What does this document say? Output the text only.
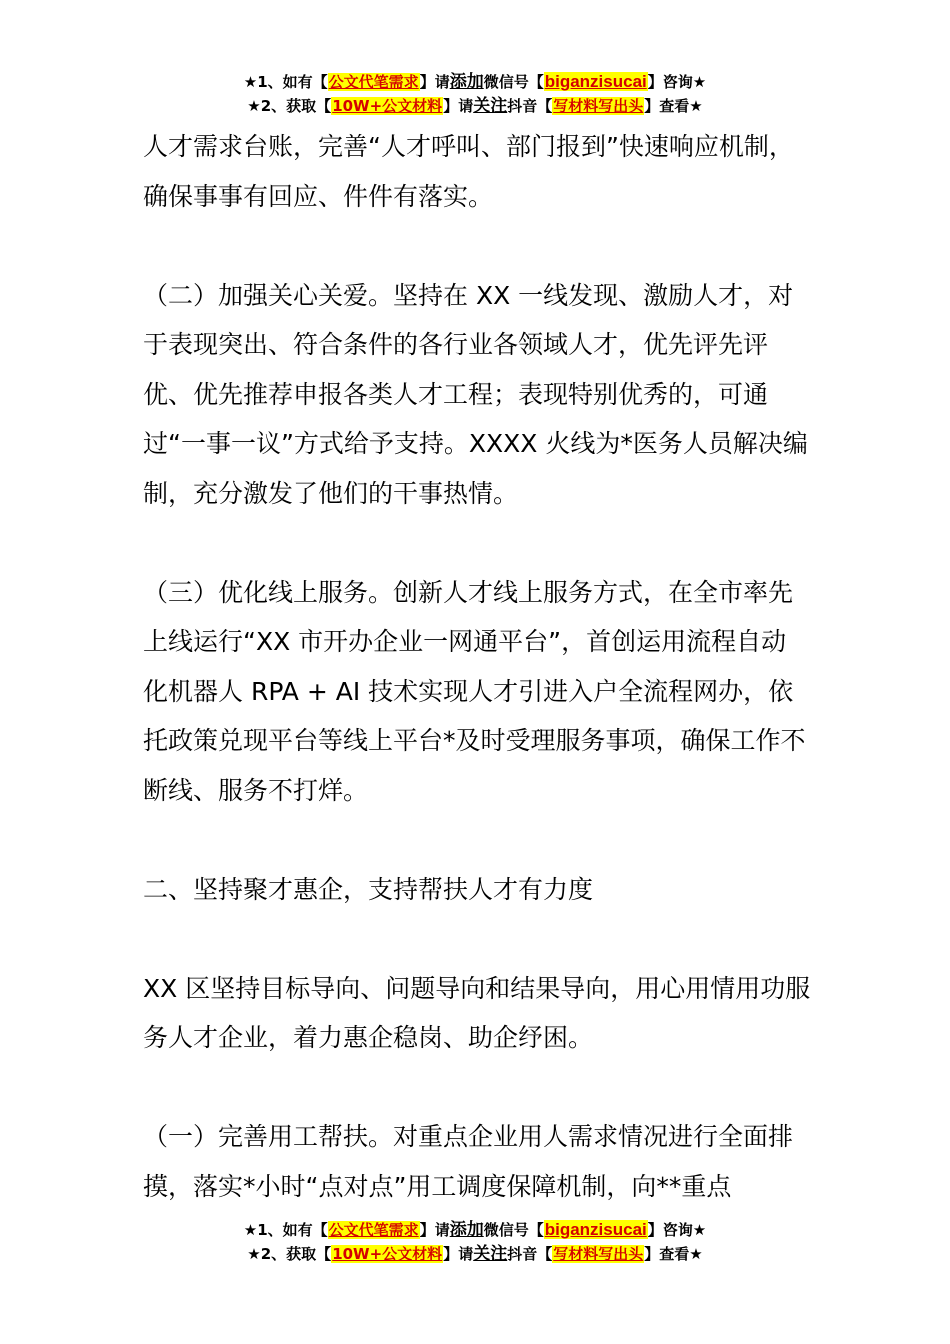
★1、如有【公文代笔需求】请添加微信号【biganzisucai】咨询★
★2、获取【10W+公文材料】请关注抖音【写材料写出头】查看★

人才需求台账，完善“人才呼叫、部门报到”快速响应机制，确保事事有回应、件件有落实。

（二）加强关心关爱。坚持在 XX 一线发现、激励人才，对于表现突出、符合条件的各行业各领域人才，优先评先评优、优先推荐申报各类人才工程；表现特别优秀的，可通过“一事一议”方式给予支持。XXXX 火线为*医务人员解决编制，充分激发了他们的干事热情。

（三）优化线上服务。创新人才线上服务方式，在全市率先上线运行“XX 市开办企业一网通平台”，首创运用流程自动化机器人 RPA + AI 技术实现人才引进入户全流程网办，依托政策兑现平台等线上平台*及时受理服务事项，确保工作不断线、服务不打烊。

二、坚持聚才惠企，支持帮扶人才有力度

XX 区坚持目标导向、问题导向和结果导向，用心用情用功服务人才企业，着力惠企稳岗、助企纾困。

（一）完善用工帮扶。对重点企业用人需求情况进行全面排摸，落实*小时“点对点”用工调度保障机制，向**重点

★1、如有【公文代笔需求】请添加微信号【biganzisucai】咨询★
★2、获取【10W+公文材料】请关注抖音【写材料写出头】查看★
